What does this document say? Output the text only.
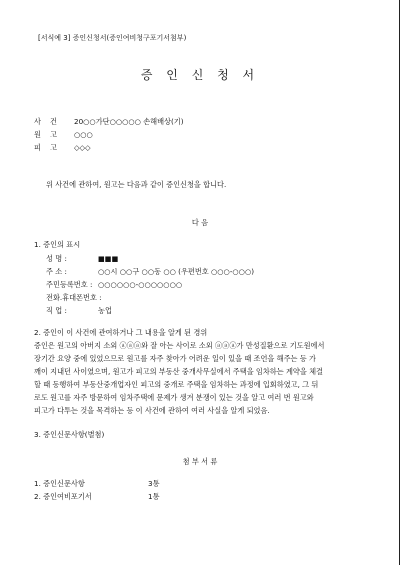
[서식예 3] 증인신청서(증인여비청구포기서첨부)
증 인 신 청 서
사건	20○○가단○○○○○ 손해배상(기)
원고	○○○
피고	◇◇◇
위 사건에 관하여, 원고는 다음과 같이 증인신청을 합니다.
다 음
1. 증인의 표시
성 명 :	■■■
주 소 :	○○시 ○○구 ○○동 ○○ (우편번호 ○○○-○○○)
주민등록번호 : ○○○○○○-○○○○○○○
전화.휴대폰번호 :
직 업 :	농업
2. 증인이 이 사건에 관여하거나 그 내용을 알게 된 경위
증인은 원고의 아버지 소외 ⓐⓐⓐ와 잘 아는 사이로 소외 ⓐⓐⓐ가 만성질환으로 기도원에서
장기간 요양 중에 있었으므로 원고를 자주 찾아가 어려운 일이 있을 때 조언을 해주는 등 가
깨이 지내던 사이였으며, 원고가 피고의 부동산 중개사무실에서 주택을 임차하는 계약을 체결
할 때 동행하여 부동산중개업자인 피고의 중개로 주택을 임차하는 과정에 입회하였고, 그 뒤
로도 원고를 자주 방문하여 임차주택에 문제가 생겨 분쟁이 있는 것을 알고 여러 번 원고와
피고가 다투는 것을 목격하는 등 이 사건에 관하여 여러 사실을 알게 되었음.
3. 증인신문사항(별첨)
첨 부 서 류
1. 증인신문사항	3통
2. 증인여비포기서	1통
